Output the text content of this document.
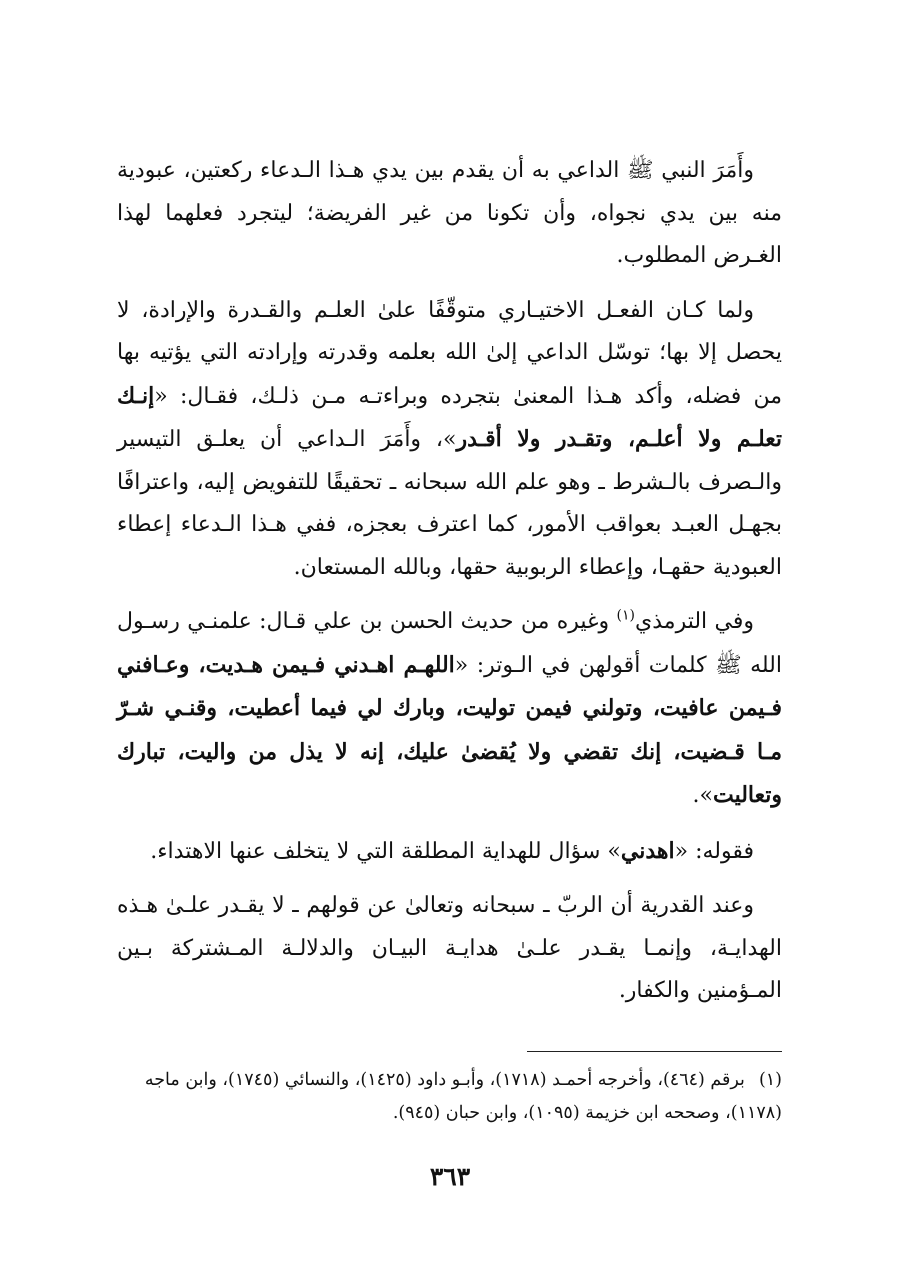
وأَمَرَ النبي ﷺ الداعي به أن يقدم بين يدي هـذا الـدعاء ركعتين، عبودية منه بين يدي نجواه، وأن تكونا من غير الفريضة؛ ليتجرد فعلهما لهذا الغـرض المطلوب.

ولما كـان الفعـل الاختيـاري متوقّفًا علىٰ العلـم والقـدرة والإرادة، لا يحصل إلا بها؛ توسّل الداعي إلىٰ الله بعلمه وقدرته وإرادته التي يؤتيه بها من فضله، وأكد هـذا المعنىٰ بتجرده وبراءتـه مـن ذلـك، فقـال: «إنـك تعلـم ولا أعلـم، وتقـدر ولا أقـدر»، وأَمَرَ الـداعي أن يعلـق التيسير والـصرف بالـشرط ـ وهو علم الله سبحانه ـ تحقيقًا للتفويض إليه، واعترافًا بجهـل العبـد بعواقب الأمور، كما اعترف بعجزه، ففي هـذا الـدعاء إعطاء العبودية حقهـا، وإعطاء الربوبية حقها، وبالله المستعان.

وفي الترمذي$^{(١)}$ وغيره من حديث الحسن بن علي قـال: علمنـي رسـول الله ﷺ كلمات أقولهن في الـوتر: «اللهـم اهـدني فـيمن هـديت، وعـافني فـيمن عافيت، وتولني فيمن توليت، وبارك لي فيما أعطيت، وقنـي شـرّ مـا قـضيت، إنك تقضي ولا يُقضىٰ عليك، إنه لا يذل من واليت، تبارك وتعاليت».

فقوله: «اهدني» سؤال للهداية المطلقة التي لا يتخلف عنها الاهتداء.

وعند القدرية أن الربّ ـ سبحانه وتعالىٰ عن قولهم ـ لا يقـدر علـىٰ هـذه الهدايـة، وإنمـا يقـدر علـىٰ هدايـة البيـان والدلالـة المـشتركة بـين المـؤمنين والكفار.

(١)برقم (٤٦٤)، وأخرجه أحمـد (١٧١٨)، وأبـو داود (١٤٢٥)، والنسائي (١٧٤٥)، وابن ماجه (١١٧٨)، وصححه ابن خزيمة (١٠٩٥)، وابن حبان (٩٤٥).

٣٦٣
